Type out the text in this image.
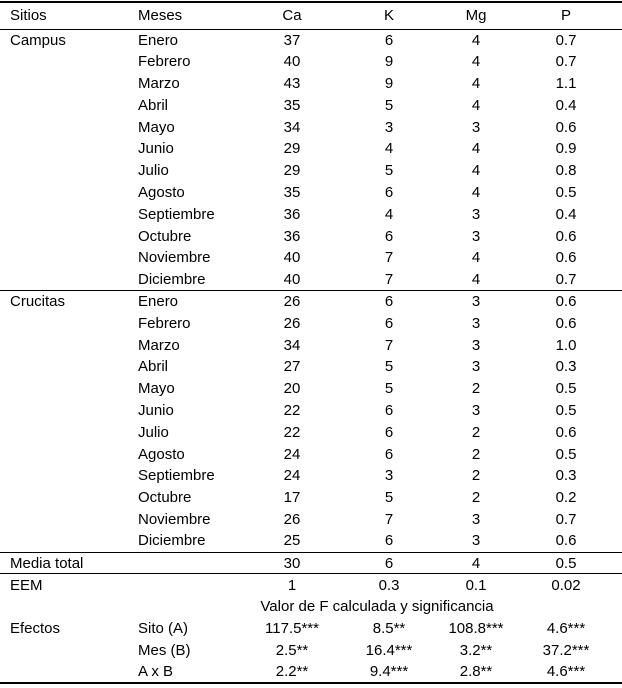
Sitios	Meses	Ca	K	Mg	P
Campus	Enero	37	6	4	0.7
	Febrero	40	9	4	0.7
	Marzo	43	9	4	1.1
	Abril	35	5	4	0.4
	Mayo	34	3	3	0.6
	Junio	29	4	4	0.9
	Julio	29	5	4	0.8
	Agosto	35	6	4	0.5
	Septiembre	36	4	3	0.4
	Octubre	36	6	3	0.6
	Noviembre	40	7	4	0.6
	Diciembre	40	7	4	0.7
Crucitas	Enero	26	6	3	0.6
	Febrero	26	6	3	0.6
	Marzo	34	7	3	1.0
	Abril	27	5	3	0.3
	Mayo	20	5	2	0.5
	Junio	22	6	3	0.5
	Julio	22	6	2	0.6
	Agosto	24	6	2	0.5
	Septiembre	24	3	2	0.3
	Octubre	17	5	2	0.2
	Noviembre	26	7	3	0.7
	Diciembre	25	6	3	0.6
Media total		30	6	4	0.5
EEM		1	0.3	0.1	0.02
	Valor de F calculada y significancia				
Efectos	Sito (A)	117.5***	8.5**	108.8***	4.6***
	Mes (B)	2.5**	16.4***	3.2**	37.2***
	A x B	2.2**	9.4***	2.8**	4.6***
